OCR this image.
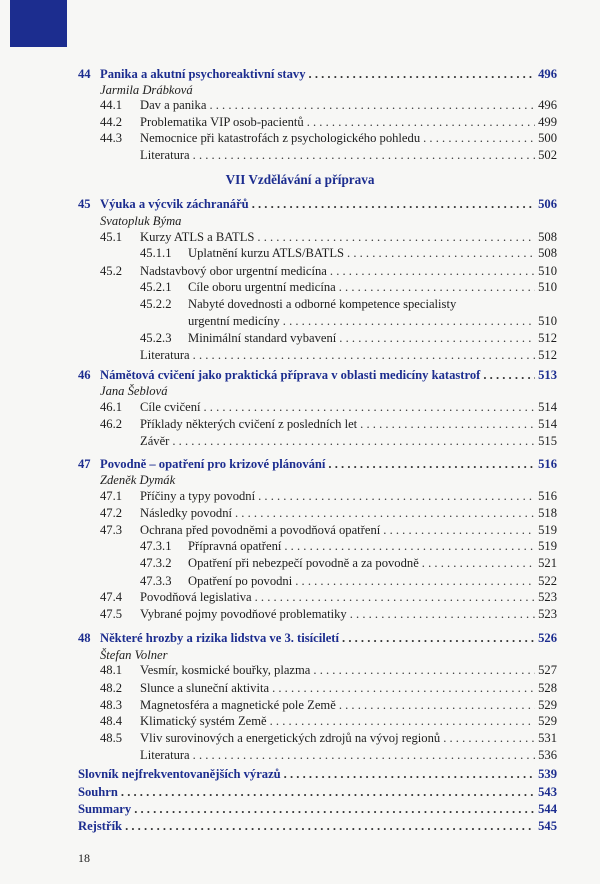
44 Panika a akutní psychoreaktivní stavy . . .	496
Jarmila Drábková
44.1	Dav a panika . . .	496
44.2	Problematika VIP osob-pacientů . . .	499
44.3	Nemocnice při katastrofách z psychologického pohledu . . .	500
Literatura . . .	502
45 Výuka a výcvik záchranářů . . .	506
Svatopluk Býma
45.1	Kurzy ATLS a BATLS . . .	508
45.1.1	Uplatnění kurzu ATLS/BATLS . . .	508
45.2	Nadstavbový obor urgentní medicína . . .	510
45.2.1	Cíle oboru urgentní medicína . . .	510
45.2.2	Nabyté dovednosti a odborné kompetence specialisty
urgentní medicíny . . .	510
45.2.3	Minimální standard vybavení . . .	512
Literatura . . .	512
46 Námětová cvičení jako praktická příprava v oblasti medicíny katastrof . . .	513
Jana Šeblová
46.1	Cíle cvičení . . .	514
46.2	Příklady některých cvičení z posledních let . . .	514
Závěr . . .	515
47 Povodně – opatření pro krizové plánování . . .	516
Zdeněk Dymák
47.1	Příčiny a typy povodní . . .	516
47.2	Následky povodní . . .	518
47.3	Ochrana před povodněmi a povodňová opatření . . .	519
47.3.1	Přípravná opatření . . .	519
47.3.2	Opatření při nebezpečí povodně a za povodně . . .	521
47.3.3	Opatření po povodni . . .	522
47.4	Povodňová legislativa . . .	523
47.5	Vybrané pojmy povodňové problematiky . . .	523
48 Některé hrozby a rizika lidstva ve 3. tisíciletí . . .	526
Štefan Volner
48.1	Vesmír, kosmické bouřky, plazma . . .	527
48.2	Slunce a sluneční aktivita . . .	528
48.3	Magnetosféra a magnetické pole Země . . .	529
48.4	Klimatický systém Země . . .	529
48.5	Vliv surovinových a energetických zdrojů na vývoj regionů . . .	531
Literatura . . .	536
Slovník nejfrekventovanějších výrazů . . .	539
Souhrn . . .	543
Summary . . .	544
Rejstřík . . .	545
VII Vzdělávání a příprava
18
